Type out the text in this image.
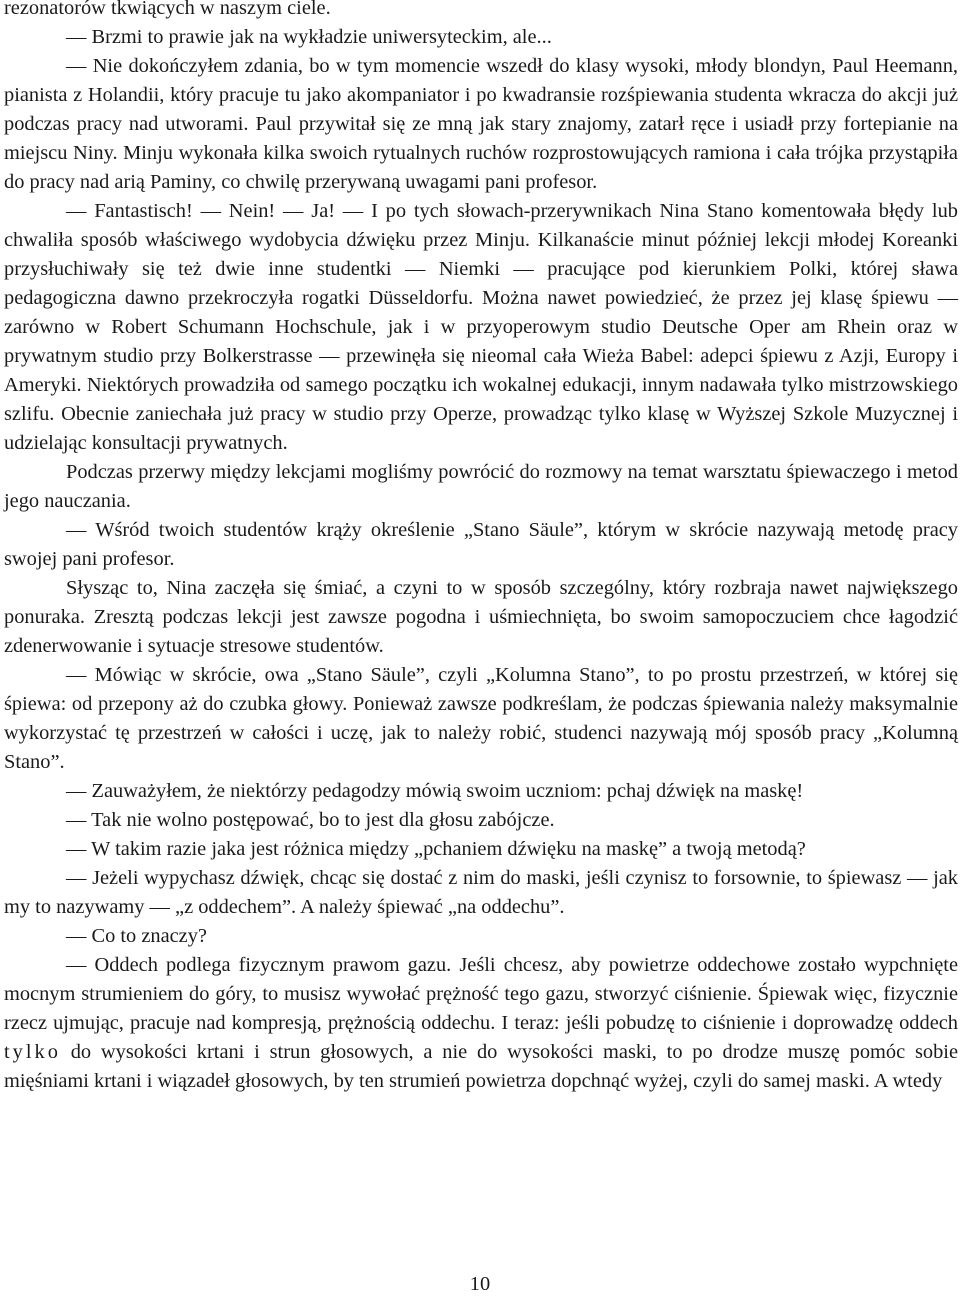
rezonatorów tkwiących w naszym ciele.

— Brzmi to prawie jak na wykładzie uniwersyteckim, ale...

— Nie dokończyłem zdania, bo w tym momencie wszedł do klasy wysoki, młody blondyn, Paul Heemann, pianista z Holandii, który pracuje tu jako akompaniator i po kwadransie rozśpiewania studenta wkracza do akcji już podczas pracy nad utworami. Paul przywitał się ze mną jak stary znajomy, zatarł ręce i usiadł przy fortepianie na miejscu Niny. Minju wykonała kilka swoich rytualnych ruchów rozprostowujących ramiona i cała trójka przystąpiła do pracy nad arią Paminy, co chwilę przerywaną uwagami pani profesor.

— Fantastisch! — Nein! — Ja! — I po tych słowach-przerywnikach Nina Stano komentowała błędy lub chwaliła sposób właściwego wydobycia dźwięku przez Minju. Kilkanaście minut później lekcji młodej Koreanki przysłuchiwały się też dwie inne studentki — Niemki — pracujące pod kierunkiem Polki, której sława pedagogiczna dawno przekroczyła rogatki Düsseldorfu. Można nawet powiedzieć, że przez jej klasę śpiewu — zarówno w Robert Schumann Hochschule, jak i w przyoperowym studio Deutsche Oper am Rhein oraz w prywatnym studio przy Bolkerstrasse — przewinęła się nieomal cała Wieża Babel: adepci śpiewu z Azji, Europy i Ameryki. Niektórych prowadziła od samego początku ich wokalnej edukacji, innym nadawała tylko mistrzowskiego szlifu. Obecnie zaniechała już pracy w studio przy Operze, prowadząc tylko klasę w Wyższej Szkole Muzycznej i udzielając konsultacji prywatnych.

Podczas przerwy między lekcjami mogliśmy powrócić do rozmowy na temat warsztatu śpiewaczego i metod jego nauczania.

— Wśród twoich studentów krąży określenie „Stano Säule”, którym w skrócie nazywają metodę pracy swojej pani profesor.

Słysząc to, Nina zaczęła się śmiać, a czyni to w sposób szczególny, który rozbraja nawet największego ponuraka. Zresztą podczas lekcji jest zawsze pogodna i uśmiechnięta, bo swoim samopoczuciem chce łagodzić zdenerwowanie i sytuacje stresowe studentów.

— Mówiąc w skrócie, owa „Stano Säule”, czyli „Kolumna Stano”, to po prostu przestrzeń, w której się śpiewa: od przepony aż do czubka głowy. Ponieważ zawsze podkreślam, że podczas śpiewania należy maksymalnie wykorzystać tę przestrzeń w całości i uczę, jak to należy robić, studenci nazywają mój sposób pracy „Kolumną Stano”.

— Zauważyłem, że niektórzy pedagodzy mówią swoim uczniom: pchaj dźwięk na maskę!

— Tak nie wolno postępować, bo to jest dla głosu zabójcze.

— W takim razie jaka jest różnica między „pchaniem dźwięku na maskę” a twoją metodą?

— Jeżeli wypychasz dźwięk, chcąc się dostać z nim do maski, jeśli czynisz to forsownie, to śpiewasz — jak my to nazywamy — „z oddechem”. A należy śpiewać „na oddechu”.

— Co to znaczy?

— Oddech podlega fizycznym prawom gazu. Jeśli chcesz, aby powietrze oddechowe zostało wypchnięte mocnym strumieniem do góry, to musisz wywołać prężność tego gazu, stworzyć ciśnienie. Śpiewak więc, fizycznie rzecz ujmując, pracuje nad kompresją, prężnością oddechu. I teraz: jeśli pobudzę to ciśnienie i doprowadzę oddech tylko do wysokości krtani i strun głosowych, a nie do wysokości maski, to po drodze muszę pomóc sobie mięśniami krtani i wiązadeł głosowych, by ten strumień powietrza dopchnąć wyżej, czyli do samej maski. A wtedy

10
